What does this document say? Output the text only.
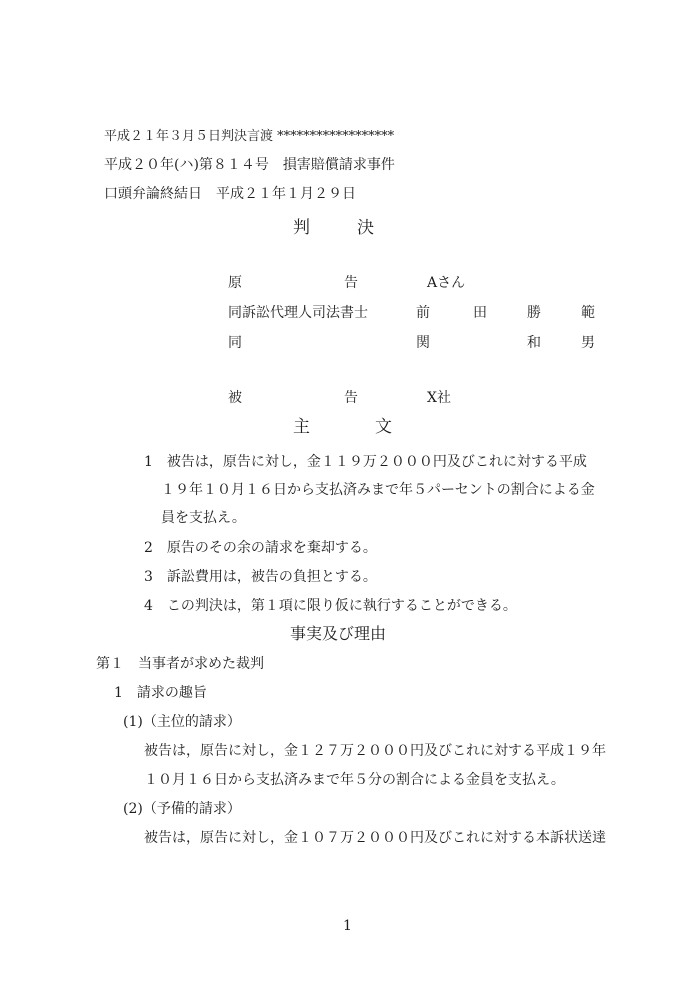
平成２１年３月５日判決言渡 ******************
平成２０年(ハ)第８１４号　損害賠償請求事件
口頭弁論終結日　平成２１年１月２９日
判	決
原	告	Aさん
同訴訟代理人司法書士	前	田	勝	範
同	関	和	男
被	告	X社
主	文
1　被告は，原告に対し，金１１９万２０００円及びこれに対する平成
１９年１０月１６日から支払済みまで年５パーセントの割合による金
員を支払え。
2　原告のその余の請求を棄却する。
3　訴訟費用は，被告の負担とする。
4　この判決は，第１項に限り仮に執行することができる。
事実及び理由
第１　当事者が求めた裁判
1　請求の趣旨
(1)（主位的請求）
被告は，原告に対し，金１２７万２０００円及びこれに対する平成１９年
１０月１６日から支払済みまで年５分の割合による金員を支払え。
(2)（予備的請求）
被告は，原告に対し，金１０７万２０００円及びこれに対する本訴状送達
1
